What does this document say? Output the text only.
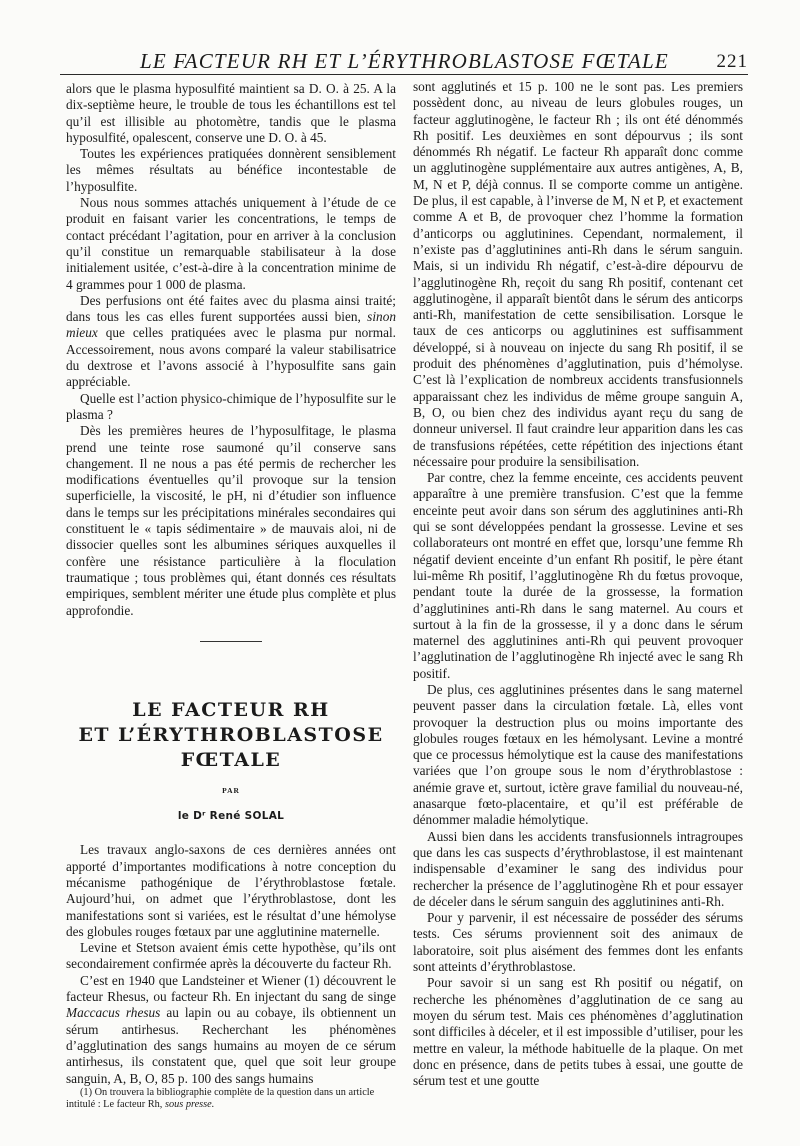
LE FACTEUR RH ET L’ÉRYTHROBLASTOSE FŒTALE	221

alors que le plasma hyposulfité maintient sa D. O. à 25. A la dix-septième heure, le trouble de tous les échantillons est tel qu’il est illisible au photomètre, tandis que le plasma hyposulfité, opalescent, conserve une D. O. à 45.

Toutes les expériences pratiquées donnèrent sensiblement les mêmes résultats au bénéfice incontestable de l’hyposulfite.

Nous nous sommes attachés uniquement à l’étude de ce produit en faisant varier les concentrations, le temps de contact précédant l’agitation, pour en arriver à la conclusion qu’il constitue un remarquable stabilisateur à la dose initialement usitée, c’est-à-dire à la concentration minime de 4 grammes pour 1 000 de plasma.

Des perfusions ont été faites avec du plasma ainsi traité; dans tous les cas elles furent supportées aussi bien, sinon mieux que celles pratiquées avec le plasma pur normal. Accessoirement, nous avons comparé la valeur stabilisatrice du dextrose et l’avons associé à l’hyposulfite sans gain appréciable.

Quelle est l’action physico-chimique de l’hyposulfite sur le plasma ?

Dès les premières heures de l’hyposulfitage, le plasma prend une teinte rose saumoné qu’il conserve sans changement. Il ne nous a pas été permis de rechercher les modifications éventuelles qu’il provoque sur la tension superficielle, la viscosité, le pH, ni d’étudier son influence dans le temps sur les précipitations minérales secondaires qui constituent le « tapis sédimentaire » de mauvais aloi, ni de dissocier quelles sont les albumines sériques auxquelles il confère une résistance particulière à la floculation traumatique ; tous problèmes qui, étant donnés ces résultats empiriques, semblent mériter une étude plus complète et plus approfondie.

LE FACTEUR RH
ET L’ÉRYTHROBLASTOSE
FŒTALE
PAR
le Dʳ René SOLAL

Les travaux anglo-saxons de ces dernières années ont apporté d’importantes modifications à notre conception du mécanisme pathogénique de l’érythroblastose fœtale. Aujourd’hui, on admet que l’érythroblastose, dont les manifestations sont si variées, est le résultat d’une hémolyse des globules rouges fœtaux par une agglutinine maternelle.

Levine et Stetson avaient émis cette hypothèse, qu’ils ont secondairement confirmée après la découverte du facteur Rh.

C’est en 1940 que Landsteiner et Wiener (1) découvrent le facteur Rhesus, ou facteur Rh. En injectant du sang de singe Maccacus rhesus au lapin ou au cobaye, ils obtiennent un sérum antirhesus. Recherchant les phénomènes d’agglutination des sangs humains au moyen de ce sérum antirhesus, ils constatent que, quel que soit leur groupe sanguin, A, B, O, 85 p. 100 des sangs humains

(1) On trouvera la bibliographie complète de la question dans un article intitulé : Le facteur Rh, sous presse.

sont agglutinés et 15 p. 100 ne le sont pas. Les premiers possèdent donc, au niveau de leurs globules rouges, un facteur agglutinogène, le facteur Rh ; ils ont été dénommés Rh positif. Les deuxièmes en sont dépourvus ; ils sont dénommés Rh négatif. Le facteur Rh apparaît donc comme un agglutinogène supplémentaire aux autres antigènes, A, B, M, N et P, déjà connus. Il se comporte comme un antigène. De plus, il est capable, à l’inverse de M, N et P, et exactement comme A et B, de provoquer chez l’homme la formation d’anticorps ou agglutinines. Cependant, normalement, il n’existe pas d’agglutinines anti-Rh dans le sérum sanguin. Mais, si un individu Rh négatif, c’est-à-dire dépourvu de l’agglutinogène Rh, reçoit du sang Rh positif, contenant cet agglutinogène, il apparaît bientôt dans le sérum des anticorps anti-Rh, manifestation de cette sensibilisation. Lorsque le taux de ces anticorps ou agglutinines est suffisamment développé, si à nouveau on injecte du sang Rh positif, il se produit des phénomènes d’agglutination, puis d’hémolyse. C’est là l’explication de nombreux accidents transfusionnels apparaissant chez les individus de même groupe sanguin A, B, O, ou bien chez des individus ayant reçu du sang de donneur universel. Il faut craindre leur apparition dans les cas de transfusions répétées, cette répétition des injections étant nécessaire pour produire la sensibilisation.

Par contre, chez la femme enceinte, ces accidents peuvent apparaître à une première transfusion. C’est que la femme enceinte peut avoir dans son sérum des agglutinines anti-Rh qui se sont développées pendant la grossesse. Levine et ses collaborateurs ont montré en effet que, lorsqu’une femme Rh négatif devient enceinte d’un enfant Rh positif, le père étant lui-même Rh positif, l’agglutinogène Rh du fœtus provoque, pendant toute la durée de la grossesse, la formation d’agglutinines anti-Rh dans le sang maternel. Au cours et surtout à la fin de la grossesse, il y a donc dans le sérum maternel des agglutinines anti-Rh qui peuvent provoquer l’agglutination de l’agglutinogène Rh injecté avec le sang Rh positif.

De plus, ces agglutinines présentes dans le sang maternel peuvent passer dans la circulation fœtale. Là, elles vont provoquer la destruction plus ou moins importante des globules rouges fœtaux en les hémolysant. Levine a montré que ce processus hémolytique est la cause des manifestations variées que l’on groupe sous le nom d’érythroblastose : anémie grave et, surtout, ictère grave familial du nouveau-né, anasarque fœto-placentaire, et qu’il est préférable de dénommer maladie hémolytique.

Aussi bien dans les accidents transfusionnels intragroupes que dans les cas suspects d’érythroblastose, il est maintenant indispensable d’examiner le sang des individus pour rechercher la présence de l’agglutinogène Rh et pour essayer de déceler dans le sérum sanguin des agglutinines anti-Rh.

Pour y parvenir, il est nécessaire de posséder des sérums tests. Ces sérums proviennent soit des animaux de laboratoire, soit plus aisément des femmes dont les enfants sont atteints d’érythroblastose.

Pour savoir si un sang est Rh positif ou négatif, on recherche les phénomènes d’agglutination de ce sang au moyen du sérum test. Mais ces phénomènes d’agglutination sont difficiles à déceler, et il est impossible d’utiliser, pour les mettre en valeur, la méthode habituelle de la plaque. On met donc en présence, dans de petits tubes à essai, une goutte de sérum test et une goutte
